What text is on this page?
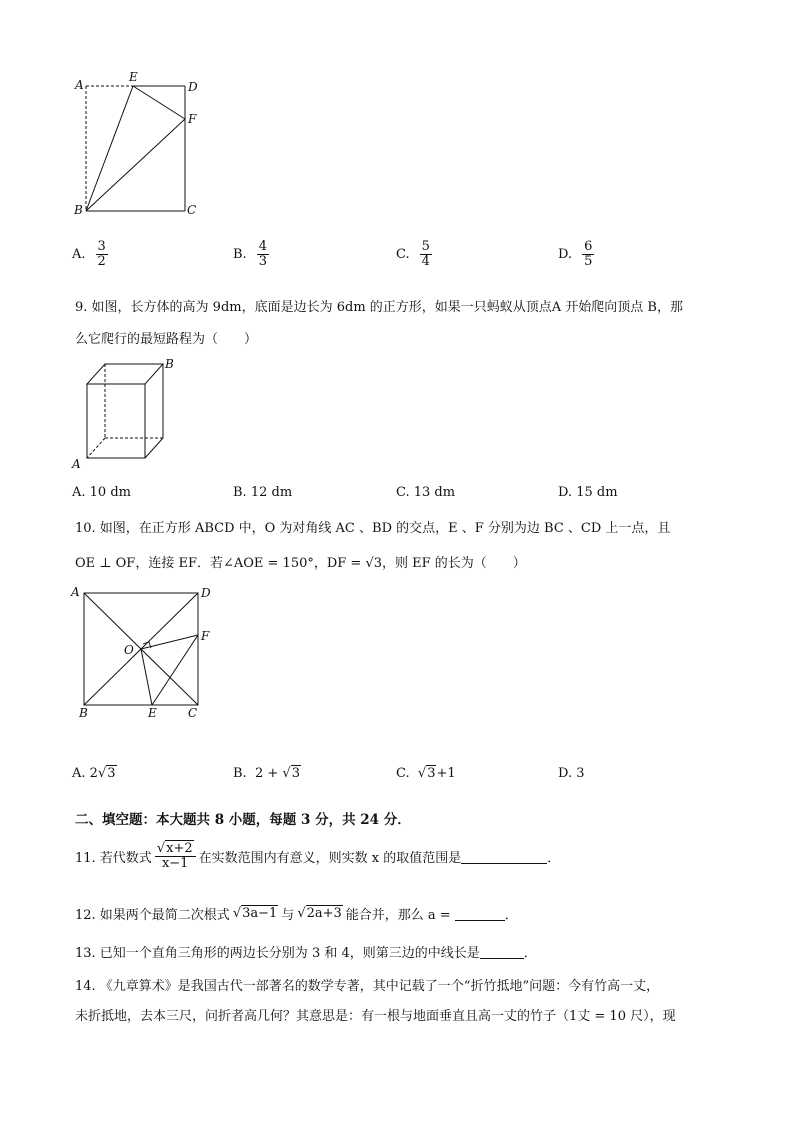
A
E
D
F
B	C
A. $\frac{3}{2}$	B. $\frac{4}{3}$	C. $\frac{5}{4}$	D. $\frac{6}{5}$
9. 如图，长方体的高为 9dm，底面是边长为 6dm 的正方形，如果一只蚂蚁从顶点A 开始爬向顶点 B，那
么它爬行的最短路程为（　　）
B
A
A. 10 dm	B. 12 dm	C. 13 dm	D. 15 dm
10. 如图，在正方形 ABCD 中，O 为对角线 AC 、BD 的交点，E 、F 分别为边 BC 、CD 上一点，且
OE ⊥ OF，连接 EF．若∠AOE = 150°，DF = √3，则 EF 的长为（　　）
A	D
F
O
B	E	C
A.
2 √3	B.
2 + √3	C.
√3 +1	D.
3
二、填空题：本大题共 8 小题，每题 3 分，共 24 分．
11. 若代数式 $\frac{√x+2}{x-1}$ 在实数范围内有意义，则实数 x 的取值范围是	．
12. 如果两个最简二次根式 √3a−1 与 √2a+3 能合并，那么 a =	．
13. 已知一个直角三角形的两边长分别为 3 和 4，则第三边的中线长是	．
14. 《九章算术》是我国古代一部著名的数学专著，其中记载了一个“折竹抵地”问题：今有竹高一丈，
未折抵地，去本三尺，问折者高几何？其意思是：有一根与地面垂直且高一丈的竹子（1丈 = 10 尺），现
